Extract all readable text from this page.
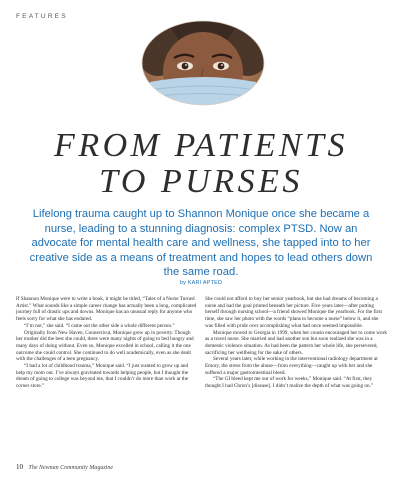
FEATURES
FROM PATIENTS
TO PURSES
Lifelong trauma caught up to Shannon Monique once she became a nurse, leading to a stunning diagnosis: complex PTSD. Now an advocate for mental health care and wellness, she tapped into to her creative side as a means of treatment and hopes to lead others down the same road.
by KARI APTED

If Shannon Monique were to write a book, it might be titled, “Tales of a Nurse Turned Artist.” What sounds like a simple career change has actually been a long, complicated journey full of drastic ups and downs. Monique has an unusual reply for anyone who feels sorry for what she has endured.

“I’m not,” she said. “I came out the other side a whole different person.”

Originally from New Haven, Connecticut, Monique grew up in poverty. Though her mother did the best she could, there were many nights of going to bed hungry and many days of doing without. Even so, Monique excelled in school, calling it the one outcome she could control. She continued to do well academically, even as she dealt with the challenges of a teen pregnancy.

“I had a lot of childhood trauma,” Monique said. “I just wanted to grow up and help my mom out. I’ve always gravitated towards helping people, but I thought the dream of going to college was beyond me, that I couldn’t do more than work at the corner store.”

She could not afford to buy her senior yearbook, but she had dreams of becoming a nurse and had the goal printed beneath her picture. Five years later—after putting herself through nursing school—a friend showed Monique the yearbook. For the first time, she saw her photo with the words “plans to become a nurse” below it, and she was filled with pride over accomplishing what had once seemed impossible.

Monique moved to Georgia in 1999, when her cousin encouraged her to come work as a travel nurse. She married and had another son but soon realized she was in a domestic violence situation. As had been the pattern her whole life, she persevered, sacrificing her wellbeing for the sake of others.

Several years later, while working in the interventional radiology department at Emory, the stress from the abuse—from everything—caught up with her and she suffered a major gastrointestinal bleed.

“The GI bleed kept me out of work for weeks,” Monique said. “At first, they thought I had Chron’s [disease]. I didn’t realize the depth of what was going on.”

10 The Newnan Community Magazine
